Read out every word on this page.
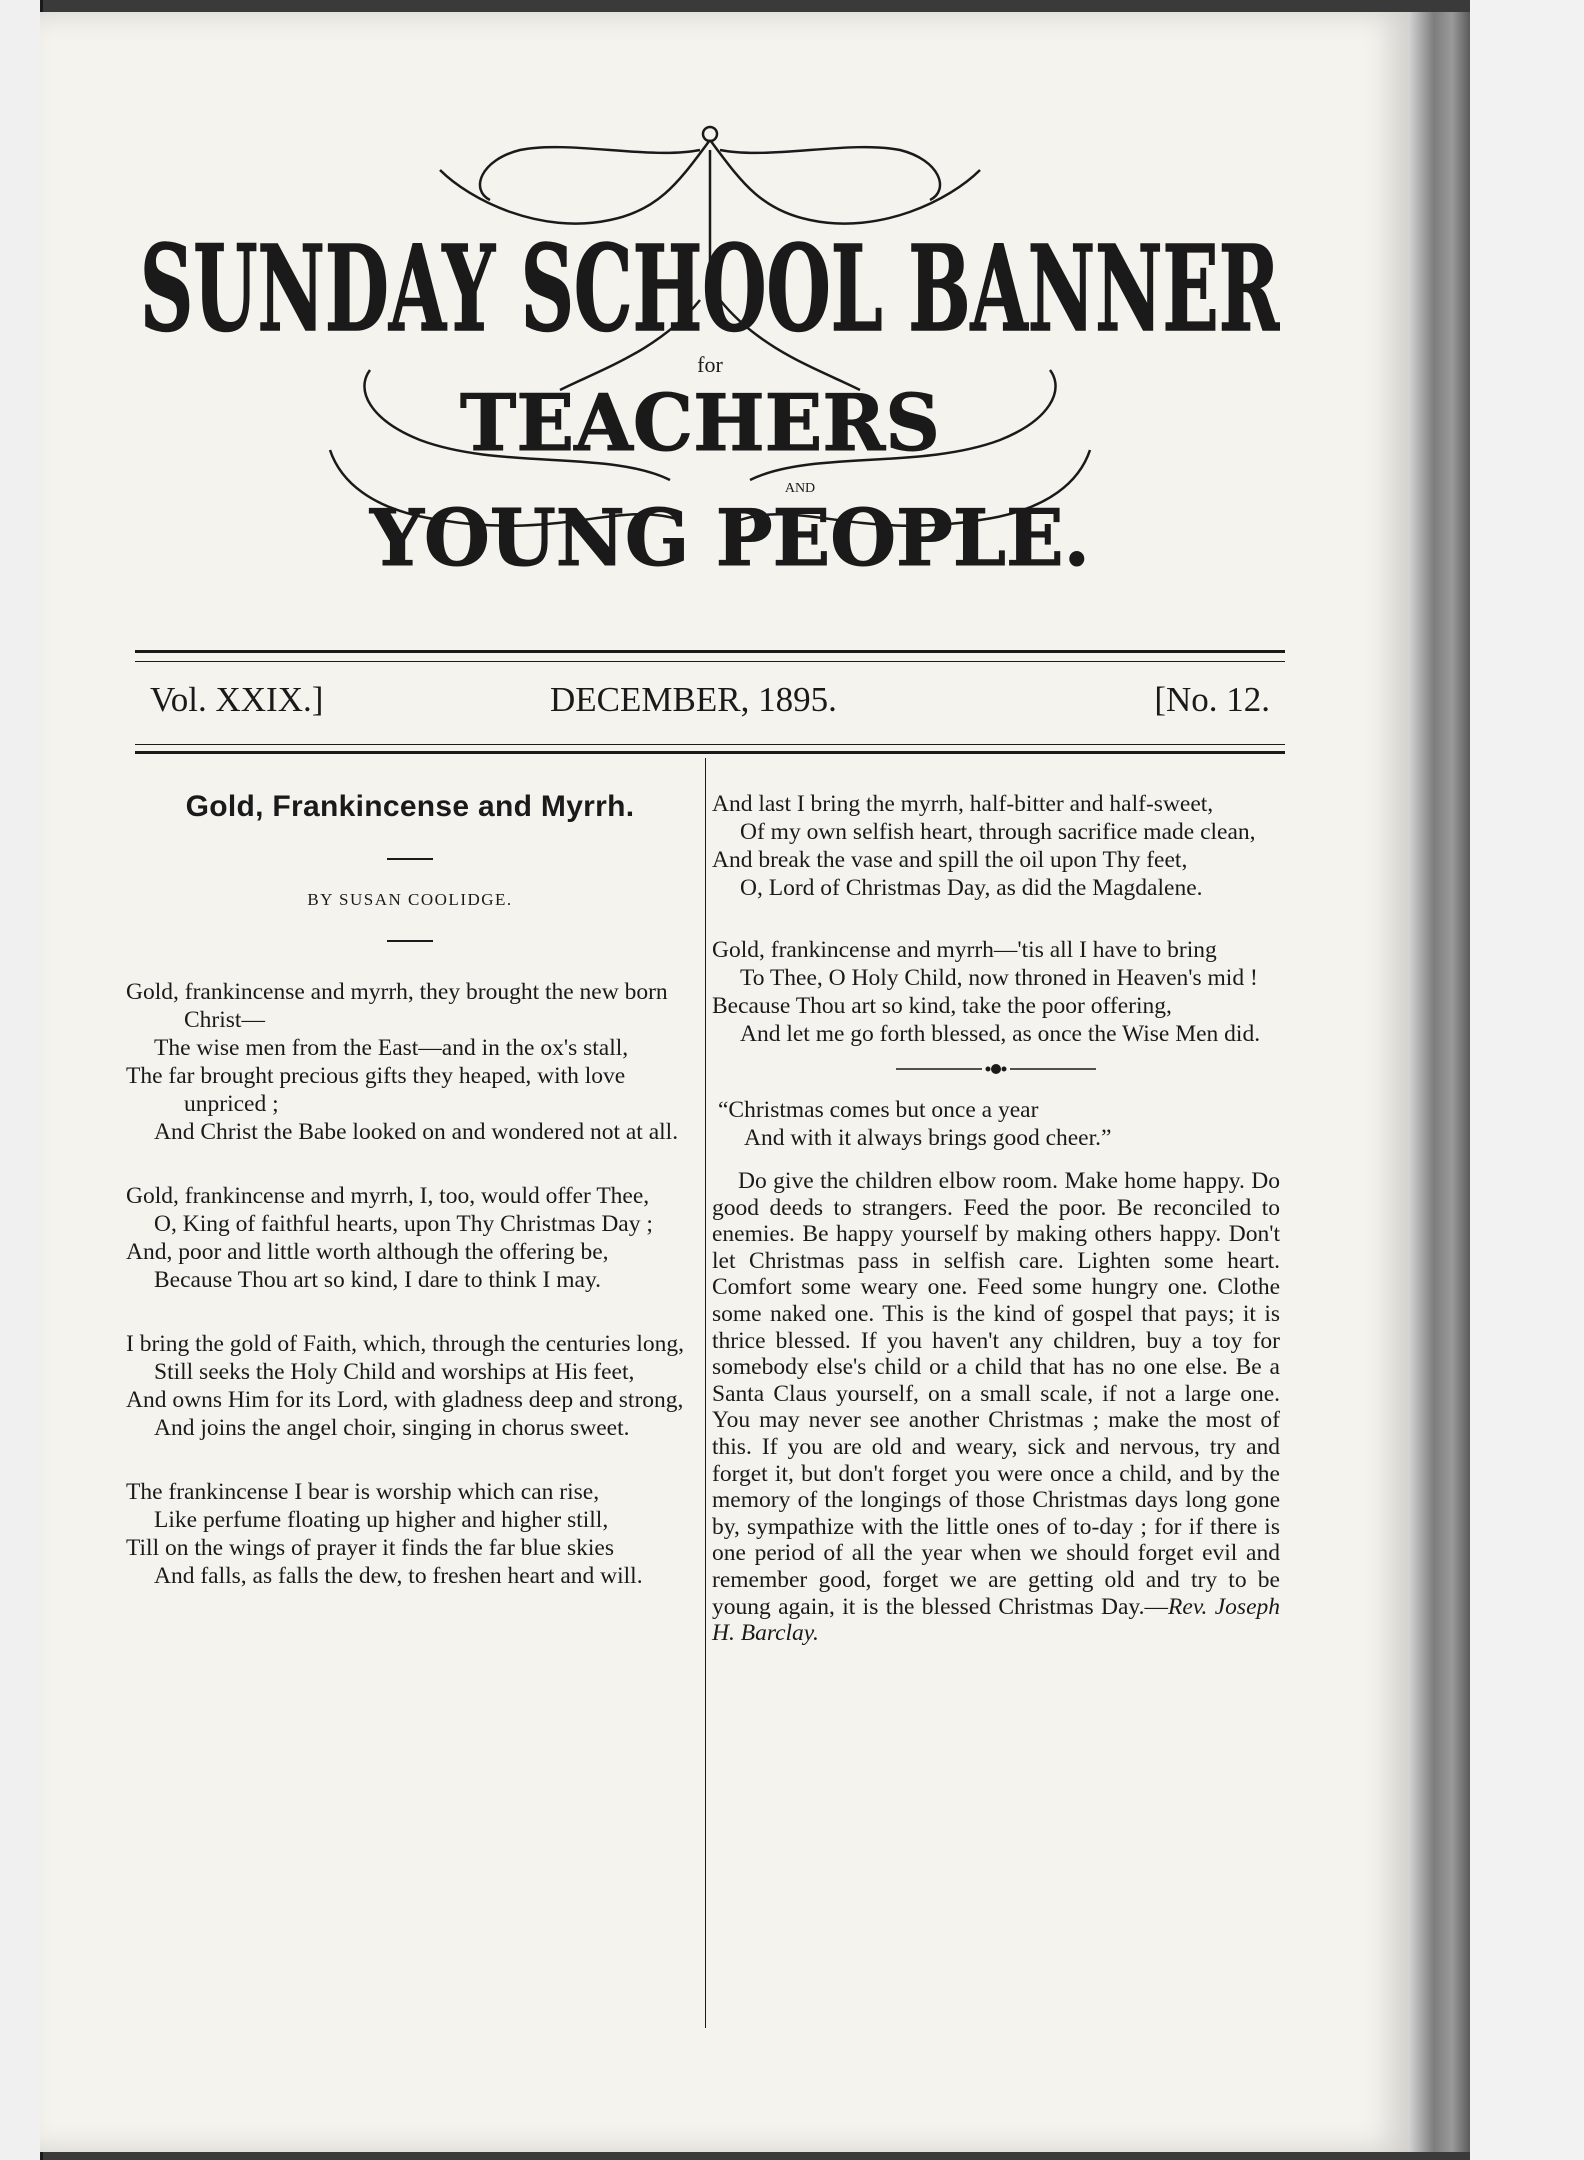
SUNDAY SCHOOL BANNER
for
TEACHERS
AND
YOUNG PEOPLE.
Vol. XXIX.]	DECEMBER, 1895.	[No. 12.
Gold, Frankincense and Myrrh.
BY SUSAN COOLIDGE.

Gold, frankincense and myrrh, they brought the new born Christ—

The wise men from the East—and in the ox's stall,

The far brought precious gifts they heaped, with love unpriced ;

And Christ the Babe looked on and wondered not at all.

Gold, frankincense and myrrh, I, too, would offer Thee,

O, King of faithful hearts, upon Thy Christmas Day ;

And, poor and little worth although the offering be,

Because Thou art so kind, I dare to think I may.

I bring the gold of Faith, which, through the centuries long,

Still seeks the Holy Child and worships at His feet,

And owns Him for its Lord, with gladness deep and strong,

And joins the angel choir, singing in chorus sweet.

The frankincense I bear is worship which can rise,

Like perfume floating up higher and higher still,

Till on the wings of prayer it finds the far blue skies

And falls, as falls the dew, to freshen heart and will.

And last I bring the myrrh, half-bitter and half-sweet,

Of my own selfish heart, through sacrifice made clean,

And break the vase and spill the oil upon Thy feet,

O, Lord of Christmas Day, as did the Magdalene.

Gold, frankincense and myrrh—'tis all I have to bring

To Thee, O Holy Child, now throned in Heaven's mid !

Because Thou art so kind, take the poor offering,

And let me go forth blessed, as once the Wise Men did.

“Christmas comes but once a year

And with it always brings good cheer.”

Do give the children elbow room. Make home happy. Do good deeds to strangers. Feed the poor. Be reconciled to enemies. Be happy yourself by making others happy. Don't let Christmas pass in selfish care. Lighten some heart. Comfort some weary one. Feed some hungry one. Clothe some naked one. This is the kind of gospel that pays; it is thrice blessed. If you haven't any children, buy a toy for somebody else's child or a child that has no one else. Be a Santa Claus yourself, on a small scale, if not a large one. You may never see another Christmas ; make the most of this. If you are old and weary, sick and nervous, try and forget it, but don't forget you were once a child, and by the memory of the longings of those Christmas days long gone by, sympathize with the little ones of to-day ; for if there is one period of all the year when we should forget evil and remember good, forget we are getting old and try to be young again, it is the blessed Christmas Day.—Rev. Joseph H. Barclay.
